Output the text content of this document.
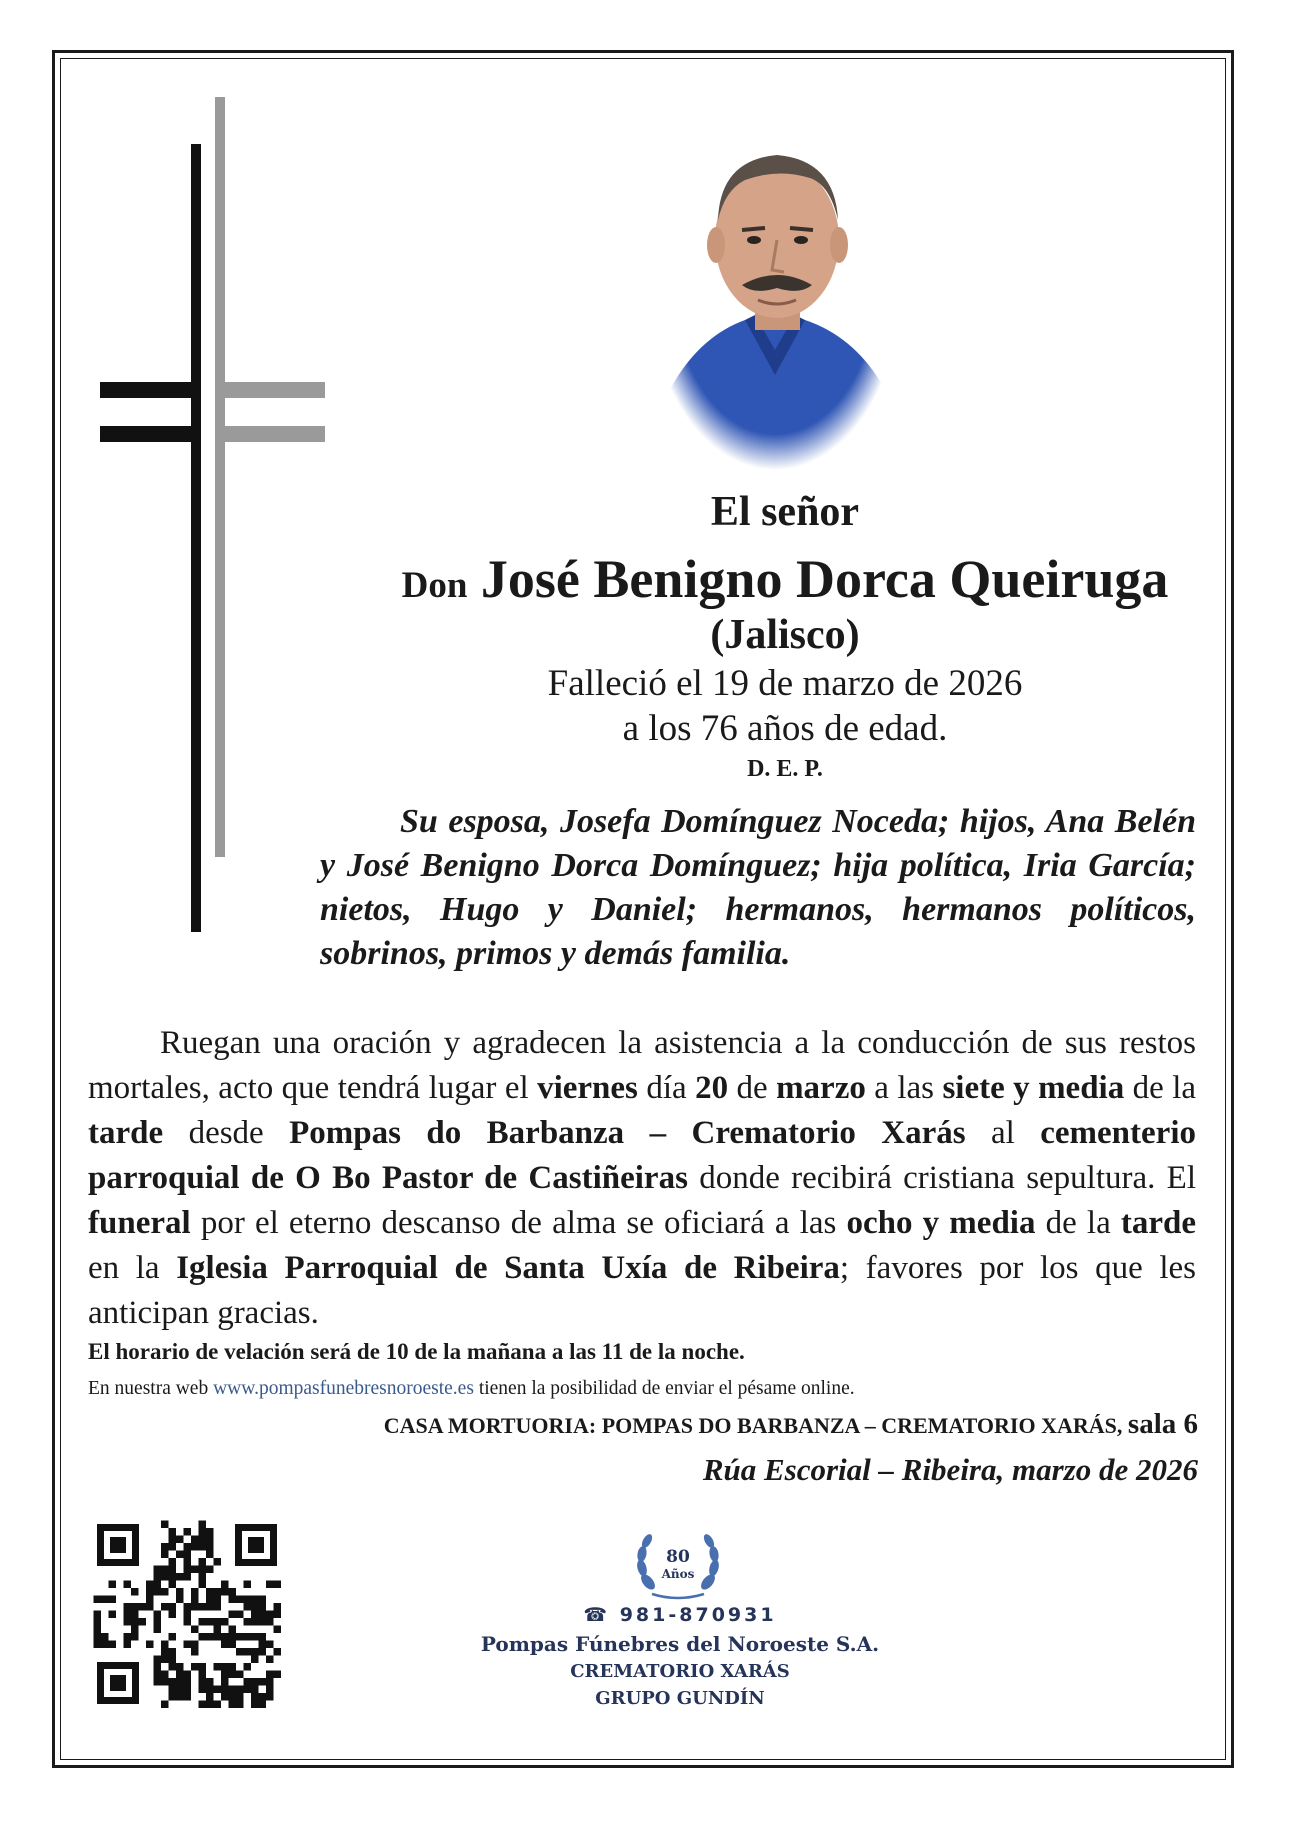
El señor
Don José Benigno Dorca Queiruga
(Jalisco)
Falleció el 19 de marzo de 2026
a los 76 años de edad.
D. E. P.
Su esposa, Josefa Domínguez Noceda; hijos, Ana Belén y José Benigno Dorca Domínguez; hija política, Iria García; nietos, Hugo y Daniel; hermanos, hermanos políticos, sobrinos, primos y demás familia.
Ruegan una oración y agradecen la asistencia a la conducción de sus restos mortales, acto que tendrá lugar el viernes día 20 de marzo a las siete y media de la tarde desde Pompas do Barbanza – Crematorio Xarás al cementerio parroquial de O Bo Pastor de Castiñeiras donde recibirá cristiana sepultura. El funeral por el eterno descanso de alma se oficiará a las ocho y media de la tarde en la Iglesia Parroquial de Santa Uxía de Ribeira; favores por los que les anticipan gracias.
El horario de velación será de 10 de la mañana a las 11 de la noche.
En nuestra web www.pompasfunebresnoroeste.es tienen la posibilidad de enviar el pésame online.
CASA MORTUORIA: POMPAS DO BARBANZA – CREMATORIO XARÁS, sala 6
Rúa Escorial – Ribeira, marzo de 2026
80
Años
☎ 981-870931
Pompas Fúnebres del Noroeste S.A.
CREMATORIO XARÁS
GRUPO GUNDÍN
